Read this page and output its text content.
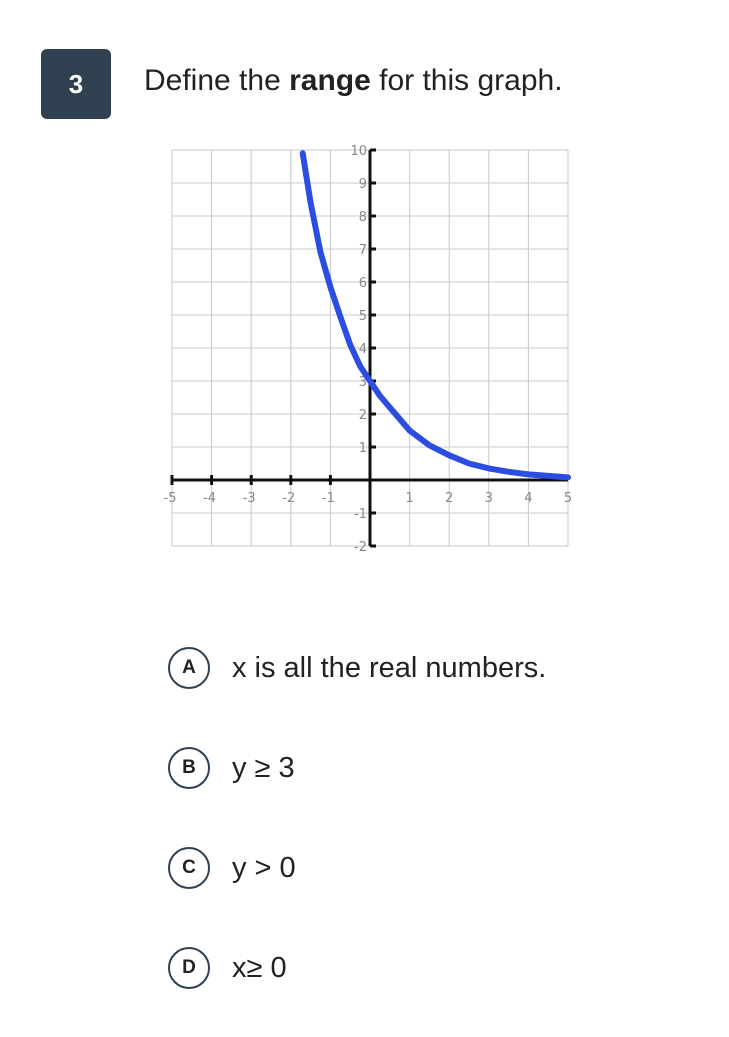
3 Define the range for this graph.
-5 -4 -3 -2 -1	1 2 3 4 5
10
9
8
7
6
5
4
3
2
1
-1
-2
A	x is all the real numbers.
B	y ≥ 3
C	y > 0
D	x≥ 0
